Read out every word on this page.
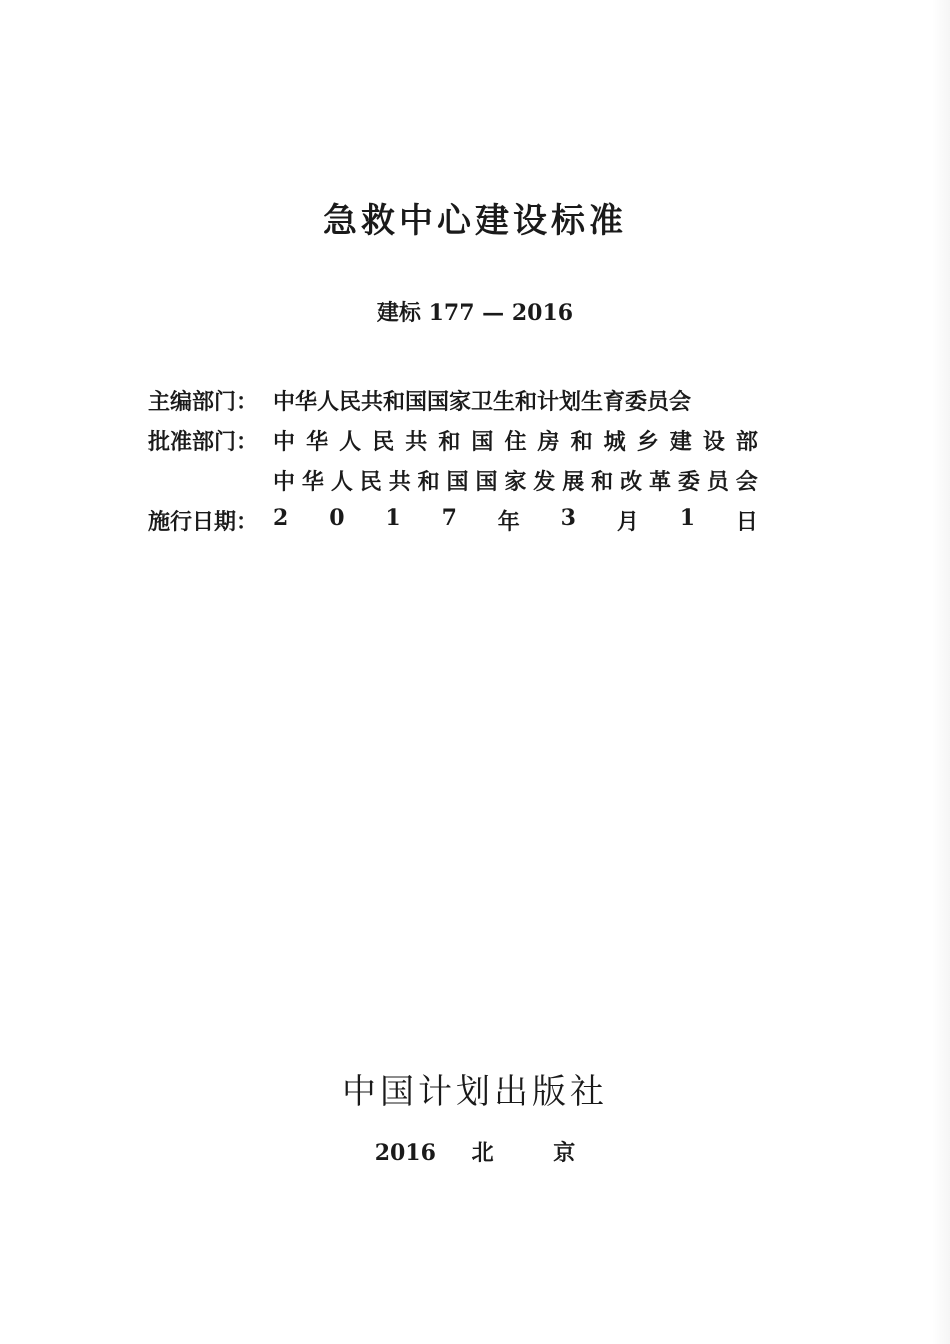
急救中心建设标准
建标 177 — 2016
主编部门： 中华人民共和国国家卫生和计划生育委员会
批准部门： 中 华 人 民 共 和 国 住 房 和 城 乡 建 设 部
中 华 人 民 共 和 国 国 家 发 展 和 改 革 委 员 会
施行日期： 2 0 1 7 年 3 月 1 日
中国计划出版社
2016 北	京
